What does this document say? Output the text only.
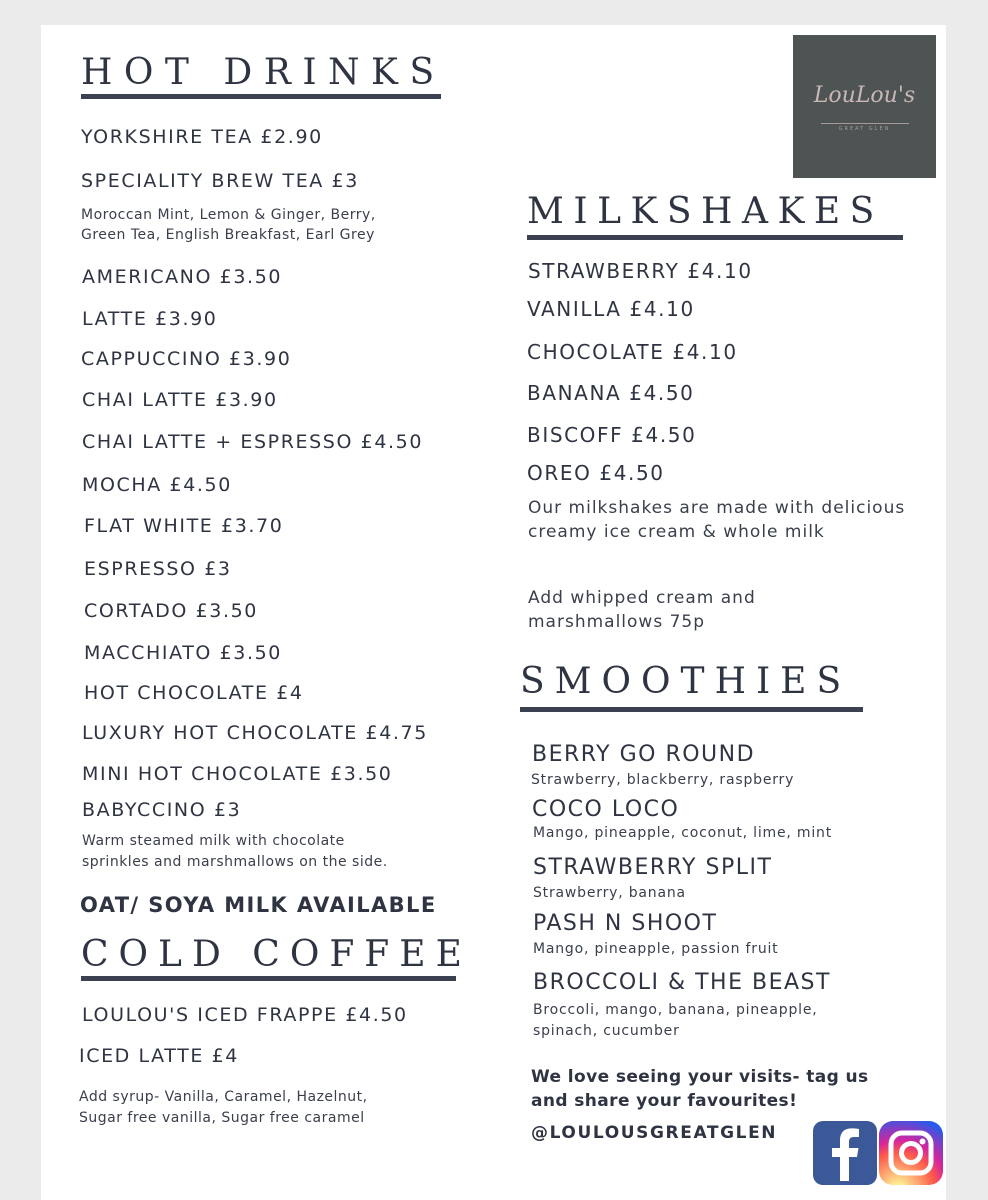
HOT DRINKS
YORKSHIRE TEA £2.90
SPECIALITY BREW TEA £3
Moroccan Mint, Lemon & Ginger, Berry,
Green Tea, English Breakfast, Earl Grey
AMERICANO £3.50
LATTE £3.90
CAPPUCCINO £3.90
CHAI LATTE £3.90
CHAI LATTE + ESPRESSO £4.50
MOCHA £4.50
FLAT WHITE £3.70
ESPRESSO £3
CORTADO £3.50
MACCHIATO £3.50
HOT CHOCOLATE £4
LUXURY HOT CHOCOLATE £4.75
MINI HOT CHOCOLATE £3.50
BABYCCINO £3
Warm steamed milk with chocolate
sprinkles and marshmallows on the side.
OAT/ SOYA MILK AVAILABLE
COLD COFFEE
LOULOU'S ICED FRAPPE £4.50
ICED LATTE £4
Add syrup- Vanilla, Caramel, Hazelnut,
Sugar free vanilla, Sugar free caramel
LouLou's
GREAT GLEN
MILKSHAKES
STRAWBERRY £4.10
VANILLA £4.10
CHOCOLATE £4.10
BANANA £4.50
BISCOFF £4.50
OREO £4.50
Our milkshakes are made with delicious creamy ice cream & whole milk
Add whipped cream and marshmallows 75p
SMOOTHIES
BERRY GO ROUND
Strawberry, blackberry, raspberry
COCO LOCO
Mango, pineapple, coconut, lime, mint
STRAWBERRY SPLIT
Strawberry, banana
PASH N SHOOT
Mango, pineapple, passion fruit
BROCCOLI & THE BEAST
Broccoli, mango, banana, pineapple, spinach, cucumber
We love seeing your visits- tag us
and share your favourites!
@LOULOUSGREATGLEN
